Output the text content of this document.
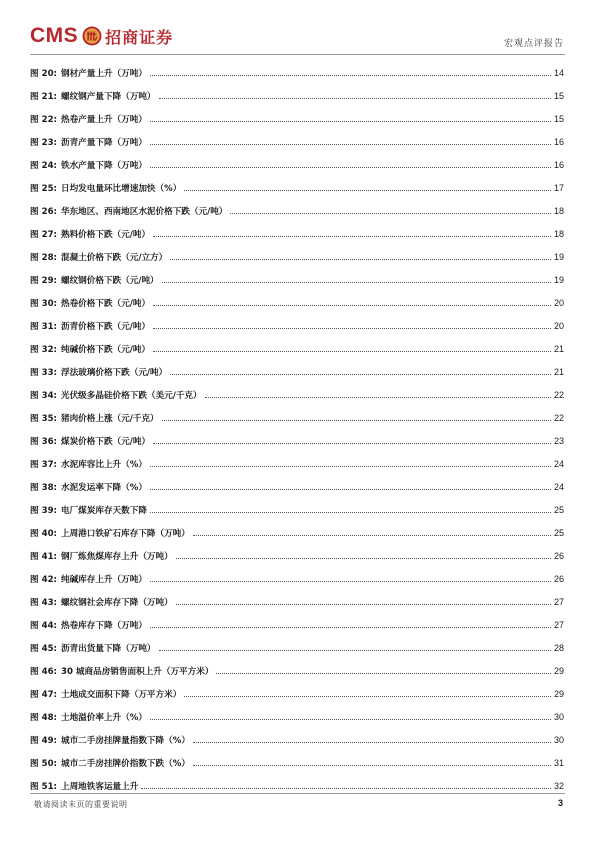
CMS 招商证券	宏观点评报告
图 20: 钢材产量上升（万吨）	14
图 21: 螺纹钢产量下降（万吨）	15
图 22: 热卷产量上升（万吨）	15
图 23: 沥青产量下降（万吨）	16
图 24: 铁水产量下降（万吨）	16
图 25: 日均发电量环比增速加快（%）	17
图 26: 华东地区、西南地区水泥价格下跌（元/吨）	18
图 27: 熟料价格下跌（元/吨）	18
图 28: 混凝土价格下跌（元/立方）	19
图 29: 螺纹钢价格下跌（元/吨）	19
图 30: 热卷价格下跌（元/吨）	20
图 31: 沥青价格下跌（元/吨）	20
图 32: 纯碱价格下跌（元/吨）	21
图 33: 浮法玻璃价格下跌（元/吨）	21
图 34: 光伏级多晶硅价格下跌（美元/千克）	22
图 35: 猪肉价格上涨（元/千克）	22
图 36: 煤炭价格下跌（元/吨）	23
图 37: 水泥库容比上升（%）	24
图 38: 水泥发运率下降（%）	24
图 39: 电厂煤炭库存天数下降	25
图 40: 上周港口铁矿石库存下降（万吨）	25
图 41: 钢厂炼焦煤库存上升（万吨）	26
图 42: 纯碱库存上升（万吨）	26
图 43: 螺纹钢社会库存下降（万吨）	27
图 44: 热卷库存下降（万吨）	27
图 45: 沥青出货量下降（万吨）	28
图 46: 30 城商品房销售面积上升（万平方米）	29
图 47: 土地成交面积下降（万平方米）	29
图 48: 土地溢价率上升（%）	30
图 49: 城市二手房挂牌量指数下降（%）	30
图 50: 城市二手房挂牌价指数下跌（%）	31
图 51: 上周地铁客运量上升	32
敬请阅读末页的重要说明	3
